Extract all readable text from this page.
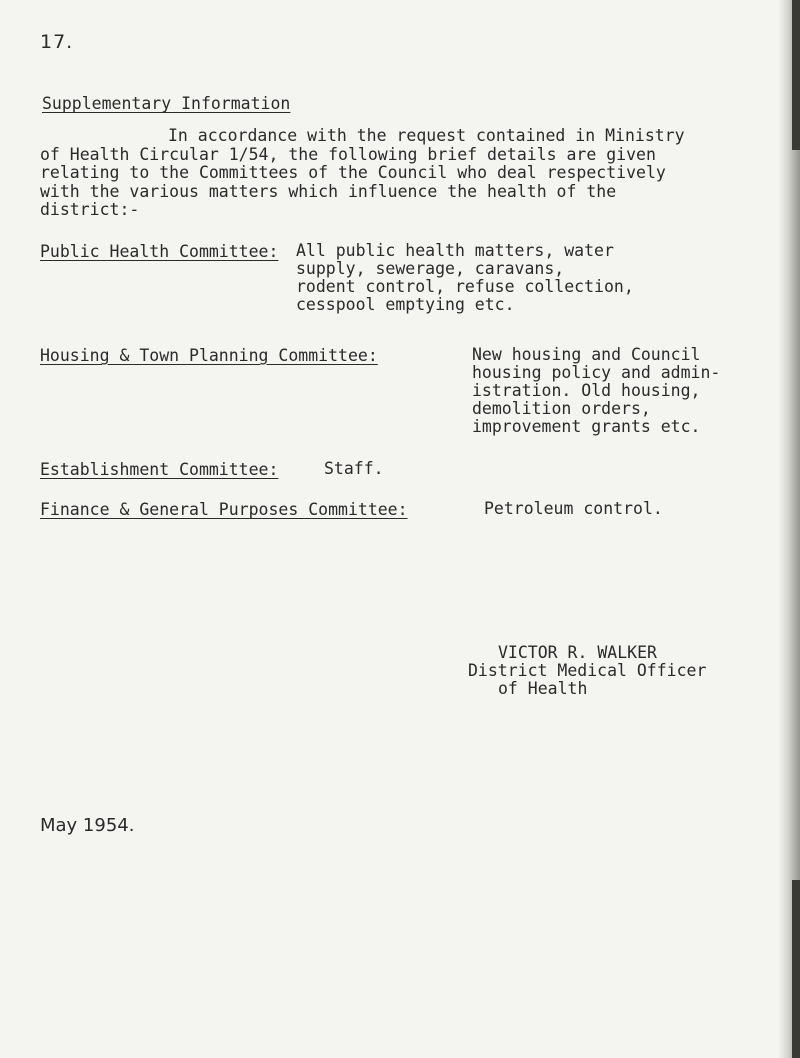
17.
Supplementary Information
In accordance with the request contained in Ministry
of Health Circular 1/54, the following brief details are given
relating to the Committees of the Council who deal respectively
with the various matters which influence the health of the
district:-
Public Health Committee: All public health matters, water
supply, sewerage, caravans,
rodent control, refuse collection,
cesspool emptying etc.
Housing & Town Planning Committee:	New housing and Council
housing policy and admin-
istration. Old housing,
demolition orders,
improvement grants etc.
Establishment Committee:	Staff.
Finance & General Purposes Committee:	Petroleum control.
VICTOR R. WALKER
District Medical Officer
of Health
May 1954.
